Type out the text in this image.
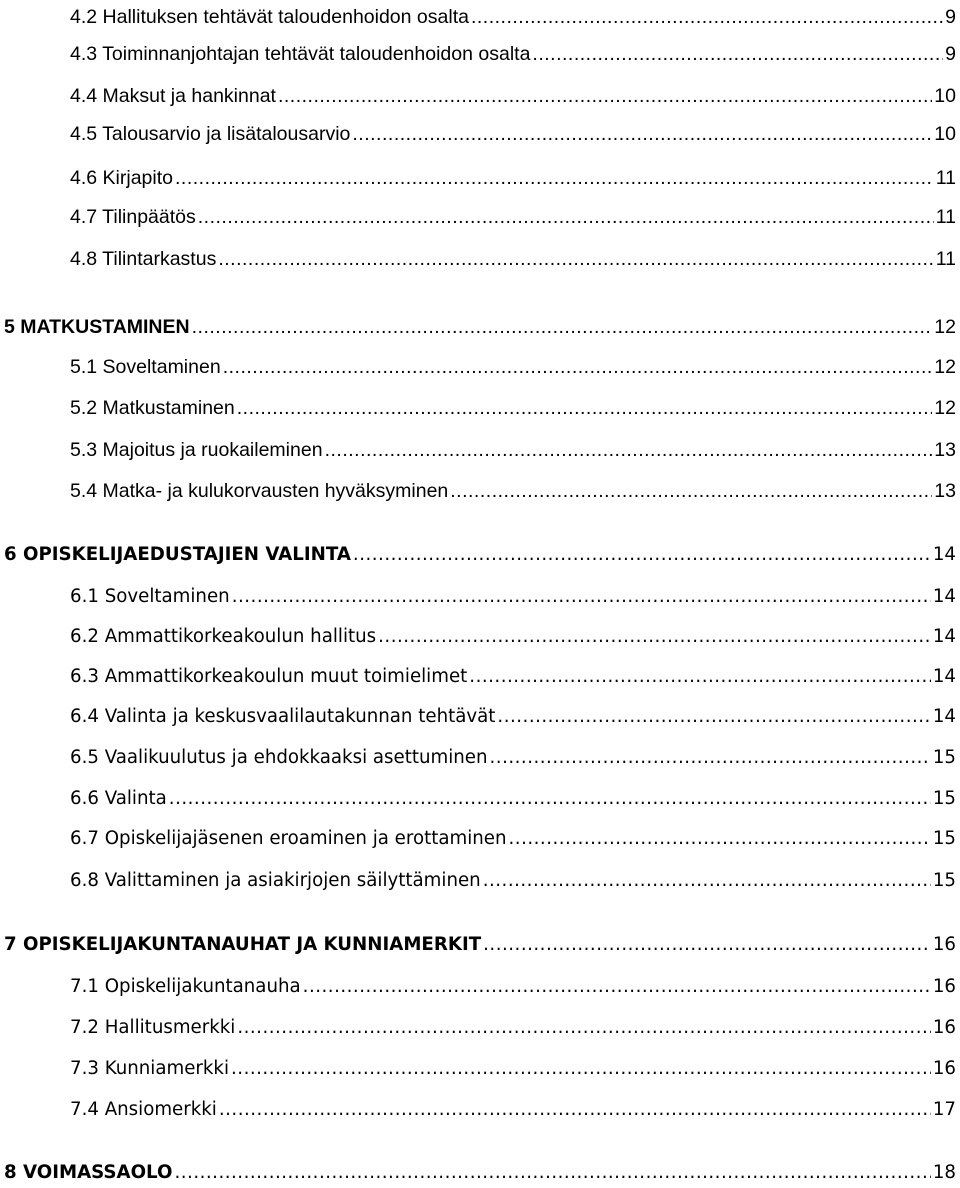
4.2 Hallituksen tehtävät taloudenhoidon osalta .....	9
4.3 Toiminnanjohtajan tehtävät taloudenhoidon osalta .....	9
4.4 Maksut ja hankinnat .....	10
4.5 Talousarvio ja lisätalousarvio .....	10
4.6 Kirjapito .....	11
4.7 Tilinpäätös .....	11
4.8 Tilintarkastus .....	11
5 MATKUSTAMINEN .....	12
5.1 Soveltaminen .....	12
5.2 Matkustaminen .....	12
5.3 Majoitus ja ruokaileminen .....	13
5.4 Matka- ja kulukorvausten hyväksyminen .....	13
6 OPISKELIJAEDUSTAJIEN VALINTA .....	14
6.1 Soveltaminen .....	14
6.2 Ammattikorkeakoulun hallitus .....	14
6.3 Ammattikorkeakoulun muut toimielimet .....	14
6.4 Valinta ja keskusvaalilautakunnan tehtävät .....	14
6.5 Vaalikuulutus ja ehdokkaaksi asettuminen .....	15
6.6 Valinta .....	15
6.7 Opiskelijajäsenen eroaminen ja erottaminen .....	15
6.8 Valittaminen ja asiakirjojen säilyttäminen .....	15
7 OPISKELIJAKUNTANAUHAT JA KUNNIAMERKIT .....	16
7.1 Opiskelijakuntanauha .....	16
7.2 Hallitusmerkki .....	16
7.3 Kunniamerkki .....	16
7.4 Ansiomerkki .....	17
8 VOIMASSAOLO .....	18
